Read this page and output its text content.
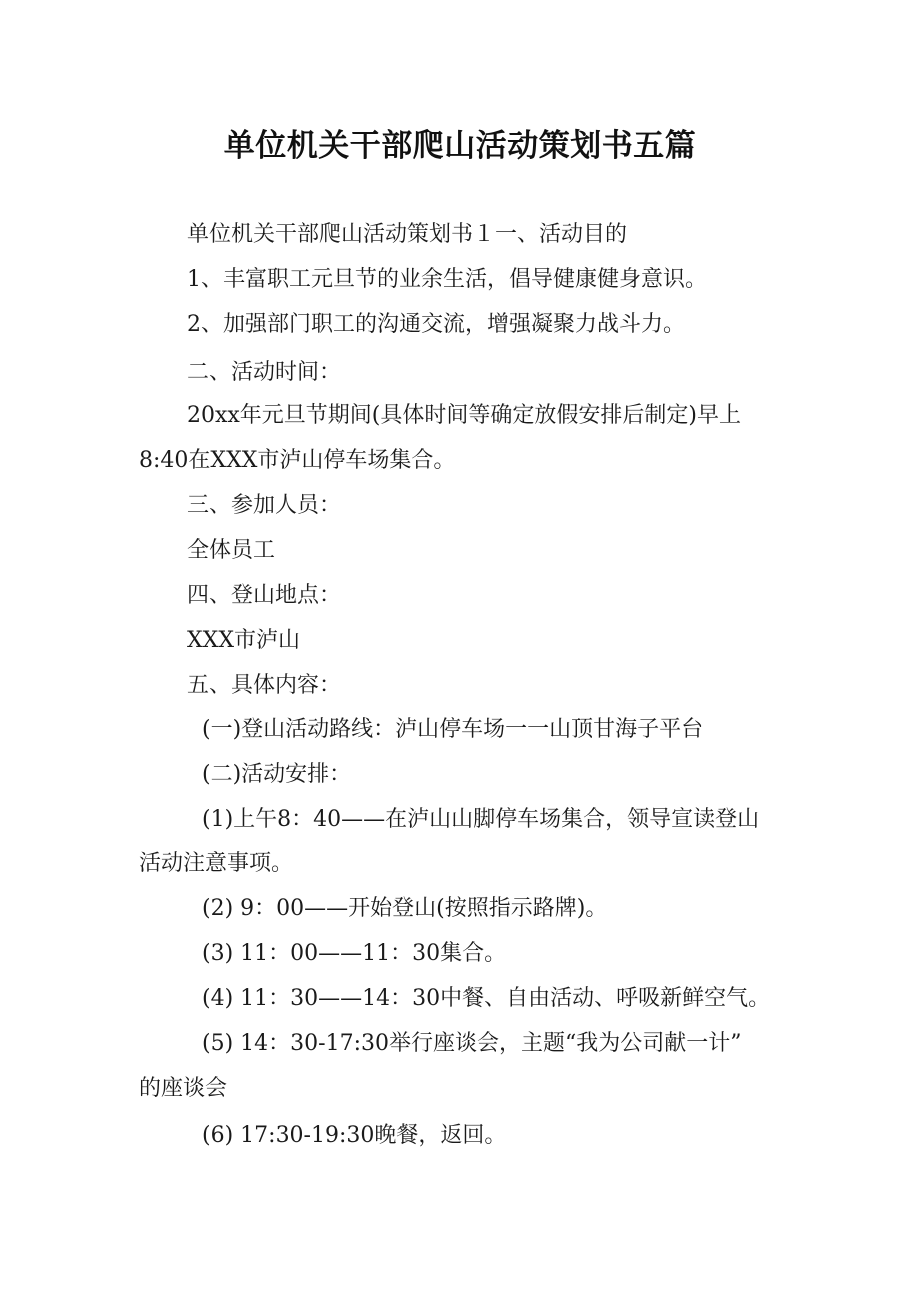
单位机关干部爬山活动策划书五篇
单位机关干部爬山活动策划书１一、活动目的
1、丰富职工元旦节的业余生活，倡导健康健身意识。
2、加强部门职工的沟通交流，增强凝聚力战斗力。
二、活动时间：
20xx年元旦节期间(具体时间等确定放假安排后制定)早上
8:40在XXX市泸山停车场集合。
三、参加人员：
全体员工
四、登山地点：
XXX市泸山
五、具体内容：
(一)登山活动路线：泸山停车场一一山顶甘海子平台
(二)活动安排：
(1)上午8：40——在泸山山脚停车场集合，领导宣读登山
活动注意事项。
(2) 9：00——开始登山(按照指示路牌)。
(3) 11：00——11：30集合。
(4) 11：30——14：30中餐、自由活动、呼吸新鲜空气。
(5) 14：30-17:30举行座谈会，主题“我为公司献一计”
的座谈会
(6) 17:30-19:30晚餐，返回。
